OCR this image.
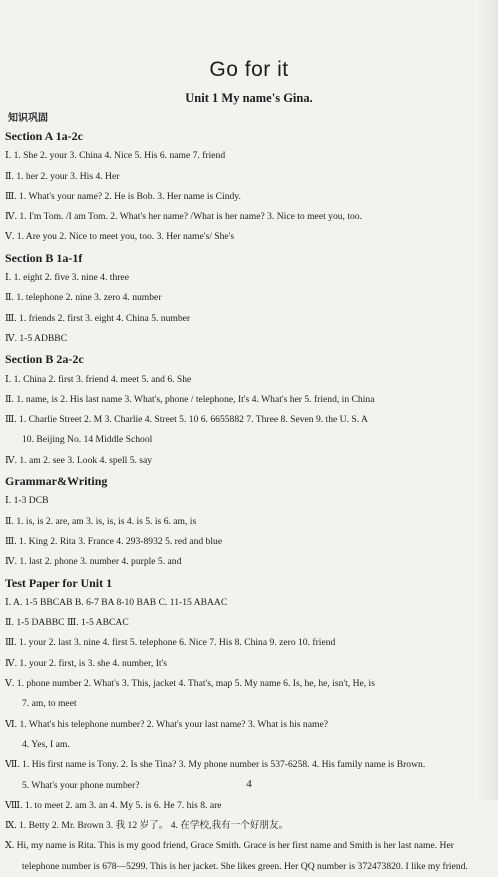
Go for it
Unit 1 My name's Gina.
知识巩固
Section A 1a-2c
Ⅰ. 1. She 2. your 3. China 4. Nice 5. His 6. name 7. friend
Ⅱ. 1. her 2. your 3. His 4. Her
Ⅲ. 1. What's your name? 2. He is Bob. 3. Her name is Cindy.
Ⅳ. 1. I'm Tom. /I am Tom. 2. What's her name? /What is her name? 3. Nice to meet you, too.
Ⅴ. 1. Are you 2. Nice to meet you, too. 3. Her name's/ She's
Section B 1a-1f
Ⅰ. 1. eight 2. five 3. nine 4. three
Ⅱ. 1. telephone 2. nine 3. zero 4. number
Ⅲ. 1. friends 2. first 3. eight 4. China 5. number
Ⅳ. 1-5 ADBBC
Section B 2a-2c
Ⅰ. 1. China 2. first 3. friend 4. meet 5. and 6. She
Ⅱ. 1. name, is 2. His last name 3. What's, phone / telephone, It's 4. What's her 5. friend, in China
Ⅲ. 1. Charlie Street 2. M 3. Charlie 4. Street 5. 10 6. 6655882 7. Three 8. Seven 9. the U. S. A
10. Beijing No. 14 Middle School
Ⅳ. 1. am 2. see 3. Look 4. spell 5. say
Grammar&Writing
Ⅰ. 1-3 DCB
Ⅱ. 1. is, is 2. are, am 3. is, is, is 4. is 5. is 6. am, is
Ⅲ. 1. King 2. Rita 3. France 4. 293-8932 5. red and blue
Ⅳ. 1. last 2. phone 3. number 4. purple 5. and
Test Paper for Unit 1
Ⅰ. A. 1-5 BBCAB B. 6-7 BA 8-10 BAB C. 11-15 ABAAC
Ⅱ. 1-5 DABBC Ⅲ. 1-5 ABCAC
Ⅲ. 1. your 2. last 3. nine 4. first 5. telephone 6. Nice 7. His 8. China 9. zero 10. friend
Ⅳ. 1. your 2. first, is 3. she 4. number, It's
Ⅴ. 1. phone number 2. What's 3. This, jacket 4. That's, map 5. My name 6. Is, he, he, isn't, He, is
7. am, to meet
Ⅵ. 1. What's his telephone number? 2. What's your last name? 3. What is his name?
4. Yes, I am.
Ⅶ. 1. His first name is Tony. 2. Is she Tina? 3. My phone number is 537-6258. 4. His family name is Brown.
5. What's your phone number?
Ⅷ. 1. to meet 2. am 3. an 4. My 5. is 6. He 7. his 8. are
Ⅸ. 1. Betty 2. Mr. Brown 3. 我 12 岁了。 4. 在学校,我有一个好朋友。
Ⅹ. Hi, my name is Rita. This is my good friend, Grace Smith. Grace is her first name and Smith is her last name. Her
telephone number is 678—5299. This is her jacket. She likes green. Her QQ number is 372473820. I like my friend.
4
